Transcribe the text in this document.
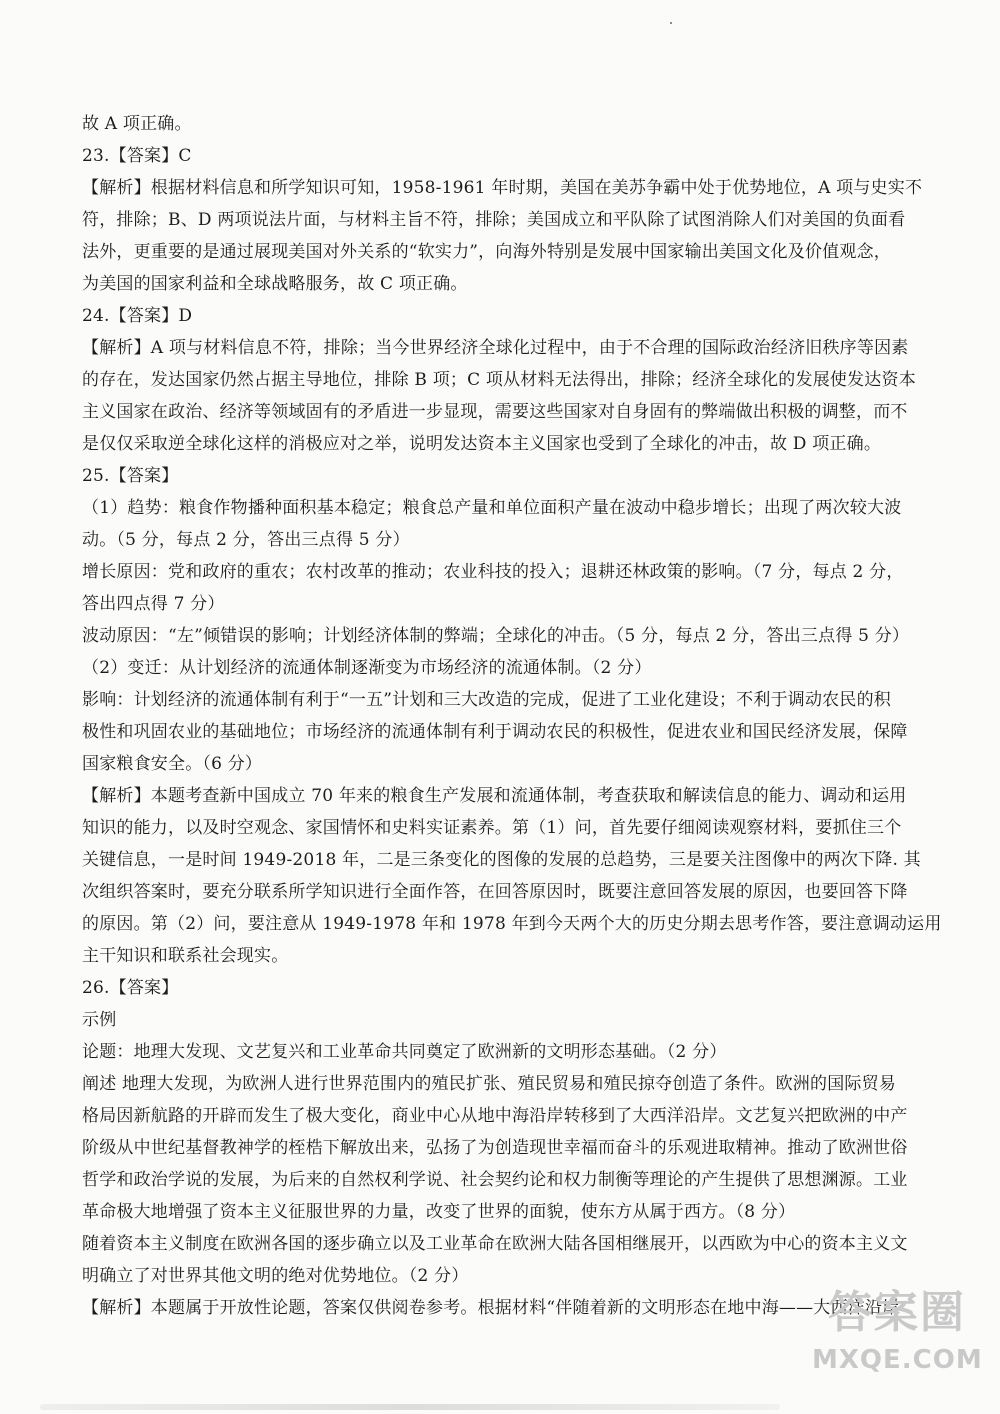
故 A 项正确。
23.【答案】C
【解析】根据材料信息和所学知识可知，1958-1961 年时期，美国在美苏争霸中处于优势地位，A 项与史实不
符，排除；B、D 两项说法片面，与材料主旨不符，排除；美国成立和平队除了试图消除人们对美国的负面看
法外，更重要的是通过展现美国对外关系的“软实力”，向海外特别是发展中国家输出美国文化及价值观念，
为美国的国家利益和全球战略服务，故 C 项正确。
24.【答案】D
【解析】A 项与材料信息不符，排除；当今世界经济全球化过程中，由于不合理的国际政治经济旧秩序等因素
的存在，发达国家仍然占据主导地位，排除 B 项；C 项从材料无法得出，排除；经济全球化的发展使发达资本
主义国家在政治、经济等领域固有的矛盾进一步显现，需要这些国家对自身固有的弊端做出积极的调整，而不
是仅仅采取逆全球化这样的消极应对之举，说明发达资本主义国家也受到了全球化的冲击，故 D 项正确。
25.【答案】
（1）趋势：粮食作物播种面积基本稳定；粮食总产量和单位面积产量在波动中稳步增长；出现了两次较大波
动。（5 分，每点 2 分，答出三点得 5 分）
增长原因：党和政府的重农；农村改革的推动；农业科技的投入；退耕还林政策的影响。（7 分，每点 2 分，
答出四点得 7 分）
波动原因：“左”倾错误的影响；计划经济体制的弊端；全球化的冲击。（5 分，每点 2 分，答出三点得 5 分）
（2）变迁：从计划经济的流通体制逐渐变为市场经济的流通体制。（2 分）
影响：计划经济的流通体制有利于“一五”计划和三大改造的完成，促进了工业化建设；不利于调动农民的积
极性和巩固农业的基础地位；市场经济的流通体制有利于调动农民的积极性，促进农业和国民经济发展，保障
国家粮食安全。（6 分）
【解析】本题考查新中国成立 70 年来的粮食生产发展和流通体制，考查获取和解读信息的能力、调动和运用
知识的能力，以及时空观念、家国情怀和史料实证素养。第（1）问，首先要仔细阅读观察材料，要抓住三个
关键信息，一是时间 1949-2018 年，二是三条变化的图像的发展的总趋势，三是要关注图像中的两次下降. 其
次组织答案时，要充分联系所学知识进行全面作答，在回答原因时，既要注意回答发展的原因，也要回答下降
的原因。第（2）问，要注意从 1949-1978 年和 1978 年到今天两个大的历史分期去思考作答，要注意调动运用
主干知识和联系社会现实。
26.【答案】
示例
论题：地理大发现、文艺复兴和工业革命共同奠定了欧洲新的文明形态基础。（2 分）
阐述 地理大发现，为欧洲人进行世界范围内的殖民扩张、殖民贸易和殖民掠夺创造了条件。欧洲的国际贸易
格局因新航路的开辟而发生了极大变化，商业中心从地中海沿岸转移到了大西洋沿岸。文艺复兴把欧洲的中产
阶级从中世纪基督教神学的桎梏下解放出来，弘扬了为创造现世幸福而奋斗的乐观进取精神。推动了欧洲世俗
哲学和政治学说的发展，为后来的自然权利学说、社会契约论和权力制衡等理论的产生提供了思想渊源。工业
革命极大地增强了资本主义征服世界的力量，改变了世界的面貌，使东方从属于西方。（8 分）
随着资本主义制度在欧洲各国的逐步确立以及工业革命在欧洲大陆各国相继展开，以西欧为中心的资本主义文
明确立了对世界其他文明的绝对优势地位。（2 分）
【解析】本题属于开放性论题，答案仅供阅卷参考。根据材料“伴随着新的文明形态在地中海——大西洋沿岸
答案圈
MXQE.COM
